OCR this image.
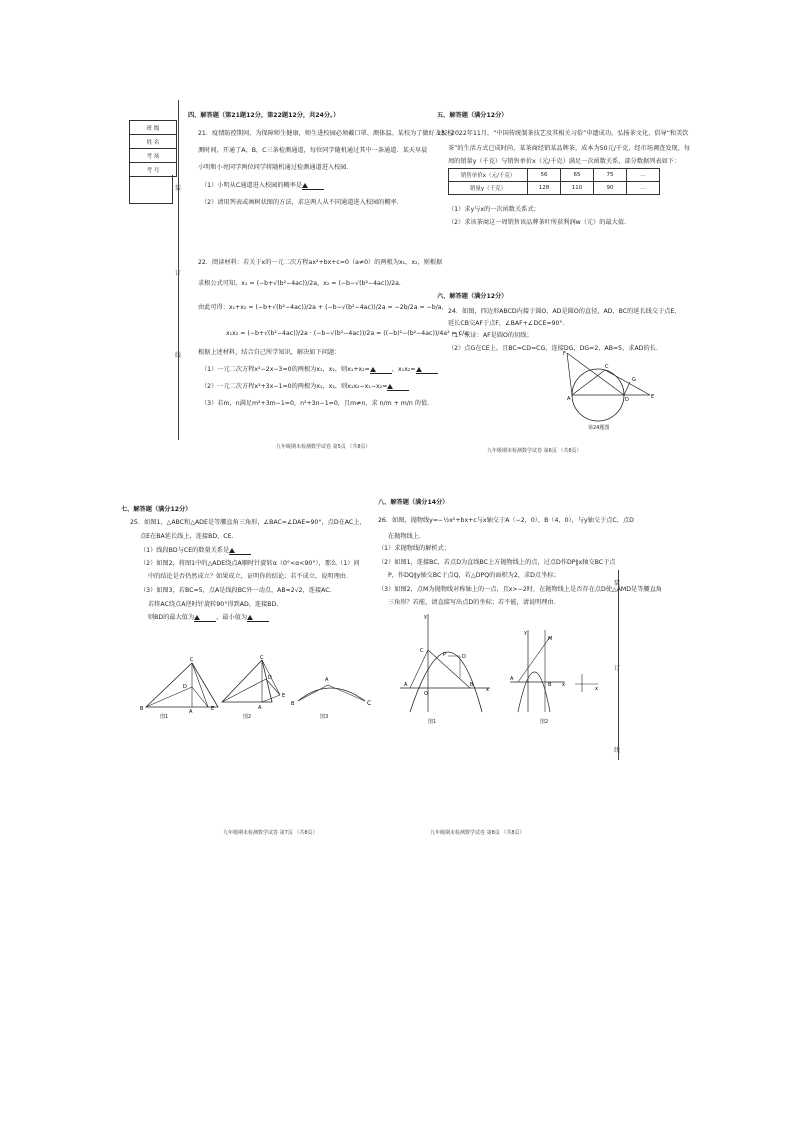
班 级
姓 名
考 场
考 号
装
订
线
四、解答题（第21题12分，第22题12分，共24分。）
21．疫情防控期间，为保障师生健康，师生进校园必须戴口罩、测体温。某校为了做好入校检
测时间，开通了A，B，C三条检测通道，每位同学随机通过其中一条通道．某天早晨
小明和小亮同学两位同学将随机通过检测通道进入校园．
（1）小明从C通道进入校园的概率是
（2）请用列表或画树状图的方法，求这两人从不同通道进入校园的概率.
22．阅读材料：若关于x的一元二次方程ax²+bx+c=0（a≠0）的两根为x₁，x₂，则根据
求根公式可知，x₁ = (−b+√(b²−4ac))/2a，x₂ = (−b−√(b²−4ac))/2a.
由此可得：x₁+x₂ = (−b+√(b²−4ac))/2a + (−b−√(b²−4ac))/2a = −2b/2a = −b/a，
x₁x₂ = (−b+√(b²−4ac))/2a · (−b−√(b²−4ac))/2a = ((−b)²−(b²−4ac))/4a² = c/a.
根据上述材料，结合自己所学知识，解决如下问题：
（1）一元二次方程x²−2x−3=0的两根为x₁，x₂，则x₁+x₂=	，x₁x₂=
（2）一元二次方程x²+3x−1=0的两根为x₁，x₂，则x₁x₂−x₁−x₂=
（3）若m，n满足m²+3m−1=0，n²+3n−1=0，且m≠n，求 n/m + m/n 的值.
九年级期末检测数学试卷 第5页 （共8页）
五、解答题（满分12分）
23．2022年11月，“中国传统制茶技艺及其相关习俗”申遗成功。弘扬茶文化，倡导“和美饮
茶”的生活方式已成时尚，某茶商经销某品牌茶，成本为50元/千克，经市场调查发现，每
周的销量y（千克）与销售单价x（元/千克）满足一次函数关系，部分数据列表如下：
销售单价x（元/千克）	56	65	75	…
销量y（千克）	128	110	90	…
（1）求y与x的一次函数关系式；
（2）求该茶商这一周销售该品牌茶叶所获利润w（元）的最大值.
六、解答题（满分12分）
24．如图，四边形ABCD内接于圆O，AD是圆O的直径，AD，BC的延长线交于点E，
延长CB交AF于点F，∠BAF+∠DCE=90°.
（1）求证：AF是圆O的切线；
（2）点G在CE上，且BC=CD=CG，连接DG，DG=2，AB=5，求AD的长.
F
A
C
D
G
E
第24题图
九年级期末检测数学试卷 第6页 （共8页）
七、解答题（满分12分）
25．如图1，△ABC和△ADE是等腰直角三角形，∠BAC=∠DAE=90°，点D在AC上，
点E在BA延长线上，连接BD，CE.
（1）线段BD与CE的数量关系是
（2）如图2，将图1中的△ADE绕点A顺时针旋转α（0°<α<90°），那么（1）问
中的结论是否仍然成立？如果成立，证明你的结论；若不成立，说明理由.
（3）如图3，若BC=5，点A是线段BC外一动点，AB=2√2，连接AC.
若将AC绕点A逆时针旋转90°得到AD，连接BD.
则BD的最大值为	，最小值为
C
B
D
A	E
C
A
E
D	A
B	C
图1	图2	图3
九年级期末检测数学试卷 第7页 （共8页）
八、解答题（满分14分）
26．如图，抛物线y=−½x²+bx+c与x轴交于A（−2，0），B（4，0），与y轴交于点C，点D
在抛物线上.
（1）求抛物线的解析式；
（2）如图1，连接BC，若点D为直线BC上方抛物线上的点，过点D作DP∥x轴交BC于点
P，作DQ∥y轴交BC于点Q，若△DPQ的面积为2，求D点坐标；
（3）如图2，点M为抛物线对称轴上的一点，且x>−2时，在抛物线上是否存在点D使△AMD是等腰直角
三角形？若能，请直接写出点D的坐标；若不能，请说明理由.
y
x
C
A
O
B
D
P
y
M
A
B x
x
图1	图2
九年级期末检测数学试卷 第8页 （共8页）
装
订
线
